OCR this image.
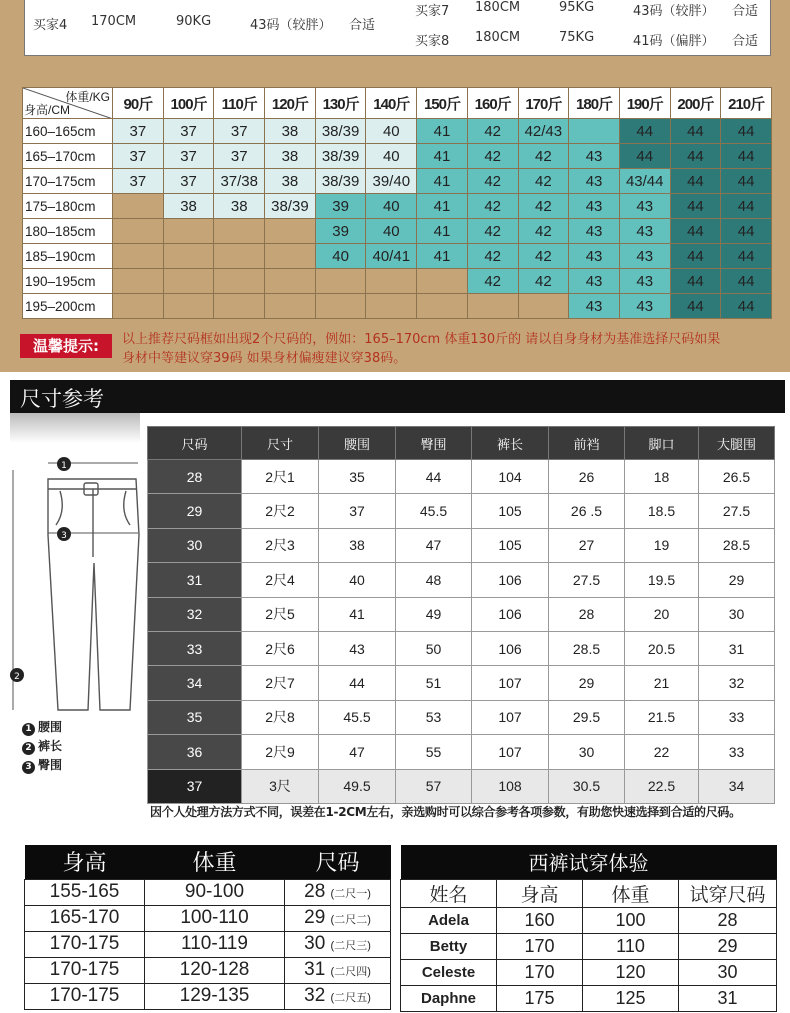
买家4 170CM	90KG	43码（较胖） 合适
买家7 180CM	95KG	43码（较胖） 合适
买家8 180CM	75KG	41码（偏胖） 合适
体重/KG
身高/CM	90斤	100斤	110斤	120斤	130斤	140斤	150斤	160斤	170斤	180斤	190斤	200斤	210斤
160–165cm	37	37	37	38	38/39	40	41	42	42/43		44	44	44
165–170cm	37	37	37	38	38/39	40	41	42	42	43	44	44	44
170–175cm	37	37	37/38	38	38/39	39/40	41	42	42	43	43/44	44	44
175–180cm		38	38	38/39	39	40	41	42	42	43	43	44	44
180–185cm					39	40	41	42	42	43	43	44	44
185–190cm					40	40/41	41	42	42	43	43	44	44
190–195cm								42	42	43	43	44	44
195–200cm										43	43	44	44
温馨提示:	以上推荐尺码框如出现2个尺码的，例如：165–170cm 体重130斤的 请以自身身材为基准选择尺码如果
身材中等建议穿39码 如果身材偏瘦建议穿38码。
尺寸参考
1
3
2
1 腰围
2 裤长
3 臀围
尺码	尺寸	腰围	臀围	裤长	前裆	脚口	大腿围
28	2尺1	35	44	104	26	18	26.5
29	2尺2	37	45.5	105	26 .5	18.5	27.5
30	2尺3	38	47	105	27	19	28.5
31	2尺4	40	48	106	27.5	19.5	29
32	2尺5	41	49	106	28	20	30
33	2尺6	43	50	106	28.5	20.5	31
34	2尺7	44	51	107	29	21	32
35	2尺8	45.5	53	107	29.5	21.5	33
36	2尺9	47	55	107	30	22	33
37	3尺	49.5	57	108	30.5	22.5	34
因个人处理方法方式不同，误差在1-2CM左右，亲选购时可以综合参考各项参数，有助您快速选择到合适的尺码。
身高	体重	尺码
155-165	90-100	28 (二尺一)
165-170	100-110	29 (二尺二)
170-175	110-119	30 (二尺三)
170-175	120-128	31 (二尺四)
170-175	129-135	32 (二尺五)
西裤试穿体验			
姓名	身高	体重	试穿尺码
Adela	160	100	28
Betty	170	110	29
Celeste	170	120	30
Daphne	175	125	31
